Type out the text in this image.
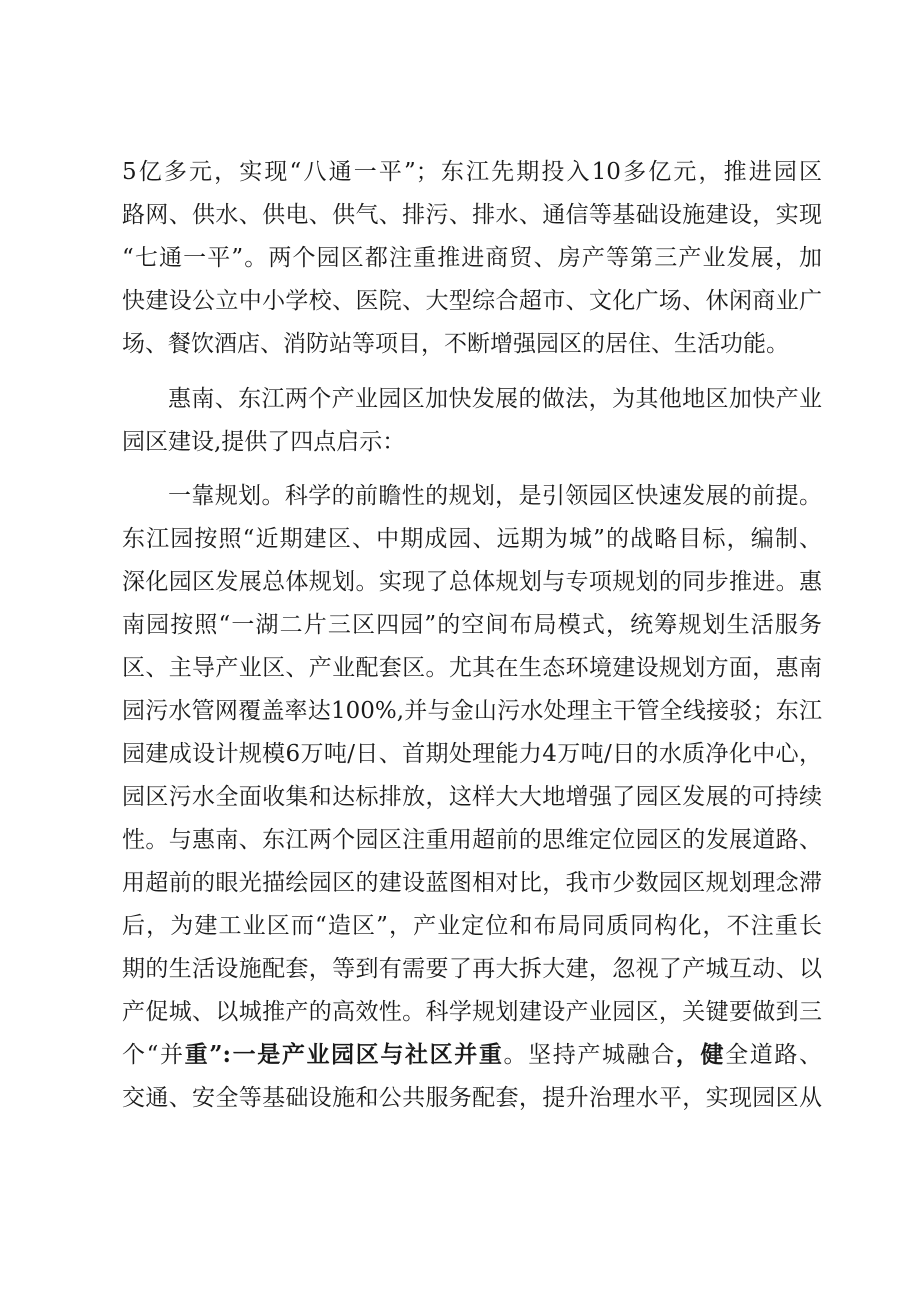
5亿多元，实现“八通一平”；东江先期投入10多亿元，推进园区
路网、供水、供电、供气、排污、排水、通信等基础设施建设，实现
“七通一平”。两个园区都注重推进商贸、房产等第三产业发展，加
快建设公立中小学校、医院、大型综合超市、文化广场、休闲商业广
场、餐饮酒店、消防站等项目，不断增强园区的居住、生活功能。
惠南、东江两个产业园区加快发展的做法，为其他地区加快产业
园区建设,提供了四点启示：
一靠规划。科学的前瞻性的规划，是引领园区快速发展的前提。
东江园按照“近期建区、中期成园、远期为城”的战略目标，编制、
深化园区发展总体规划。实现了总体规划与专项规划的同步推进。惠
南园按照“一湖二片三区四园”的空间布局模式，统筹规划生活服务
区、主导产业区、产业配套区。尤其在生态环境建设规划方面，惠南
园污水管网覆盖率达100%,并与金山污水处理主干管全线接驳；东江
园建成设计规模6万吨/日、首期处理能力4万吨/日的水质净化中心，
园区污水全面收集和达标排放，这样大大地增强了园区发展的可持续
性。与惠南、东江两个园区注重用超前的思维定位园区的发展道路、
用超前的眼光描绘园区的建设蓝图相对比，我市少数园区规划理念滞
后，为建工业区而“造区”，产业定位和布局同质同构化，不注重长
期的生活设施配套，等到有需要了再大拆大建，忽视了产城互动、以
产促城、以城推产的高效性。科学规划建设产业园区，关键要做到三
个“并重”:一是产业园区与社区并重。坚持产城融合，健全道路、
交通、安全等基础设施和公共服务配套，提升治理水平，实现园区从
